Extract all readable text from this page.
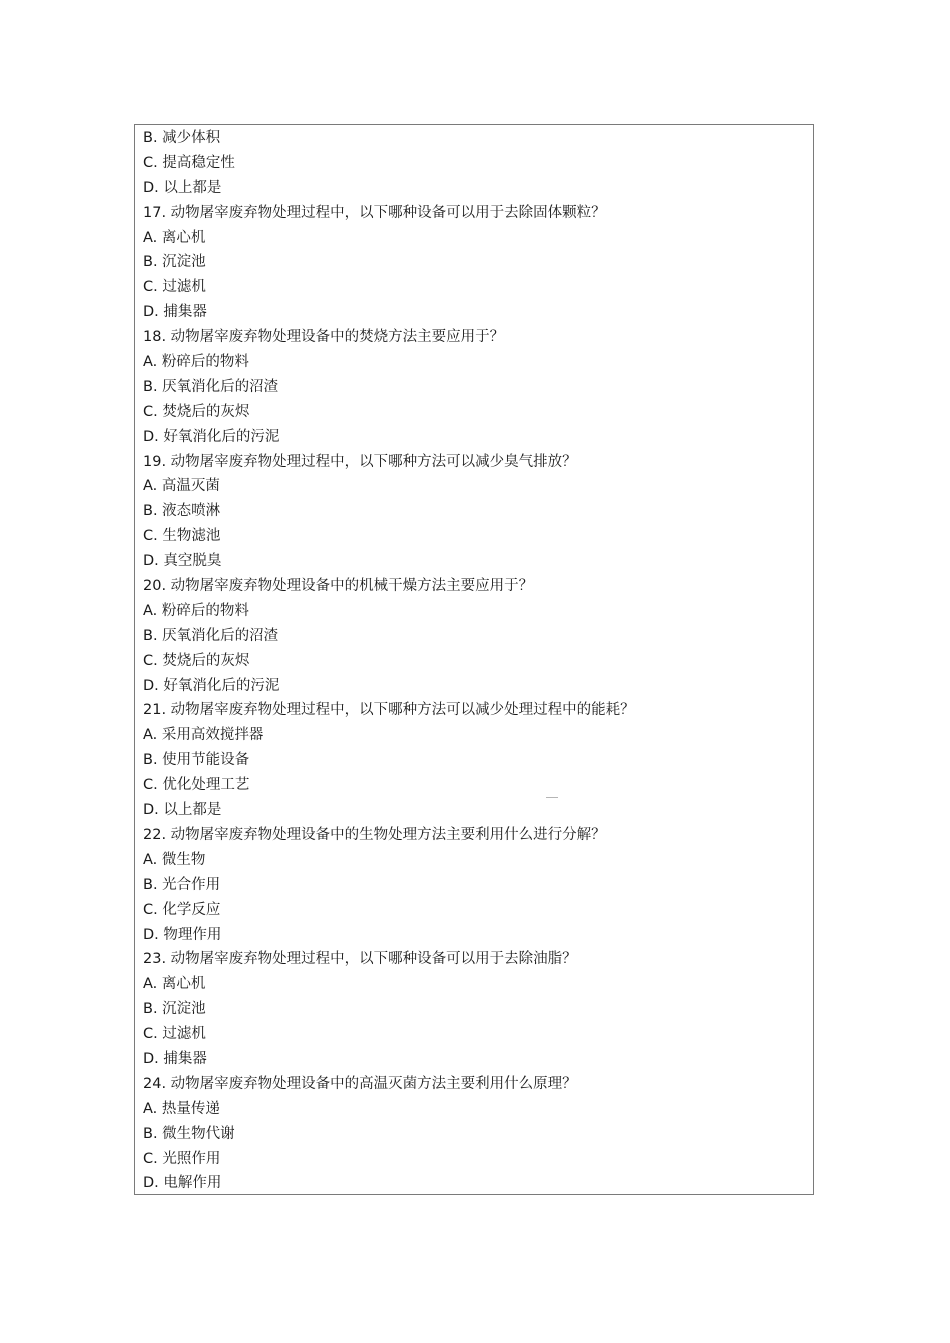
B. 减少体积
C. 提高稳定性
D. 以上都是
17. 动物屠宰废弃物处理过程中，以下哪种设备可以用于去除固体颗粒？
A. 离心机
B. 沉淀池
C. 过滤机
D. 捕集器
18. 动物屠宰废弃物处理设备中的焚烧方法主要应用于？
A. 粉碎后的物料
B. 厌氧消化后的沼渣
C. 焚烧后的灰烬
D. 好氧消化后的污泥
19. 动物屠宰废弃物处理过程中，以下哪种方法可以减少臭气排放？
A. 高温灭菌
B. 液态喷淋
C. 生物滤池
D. 真空脱臭
20. 动物屠宰废弃物处理设备中的机械干燥方法主要应用于？
A. 粉碎后的物料
B. 厌氧消化后的沼渣
C. 焚烧后的灰烬
D. 好氧消化后的污泥
21. 动物屠宰废弃物处理过程中，以下哪种方法可以减少处理过程中的能耗？
A. 采用高效搅拌器
B. 使用节能设备
C. 优化处理工艺
D. 以上都是
22. 动物屠宰废弃物处理设备中的生物处理方法主要利用什么进行分解？
A. 微生物
B. 光合作用
C. 化学反应
D. 物理作用
23. 动物屠宰废弃物处理过程中，以下哪种设备可以用于去除油脂？
A. 离心机
B. 沉淀池
C. 过滤机
D. 捕集器
24. 动物屠宰废弃物处理设备中的高温灭菌方法主要利用什么原理？
A. 热量传递
B. 微生物代谢
C. 光照作用
D. 电解作用
